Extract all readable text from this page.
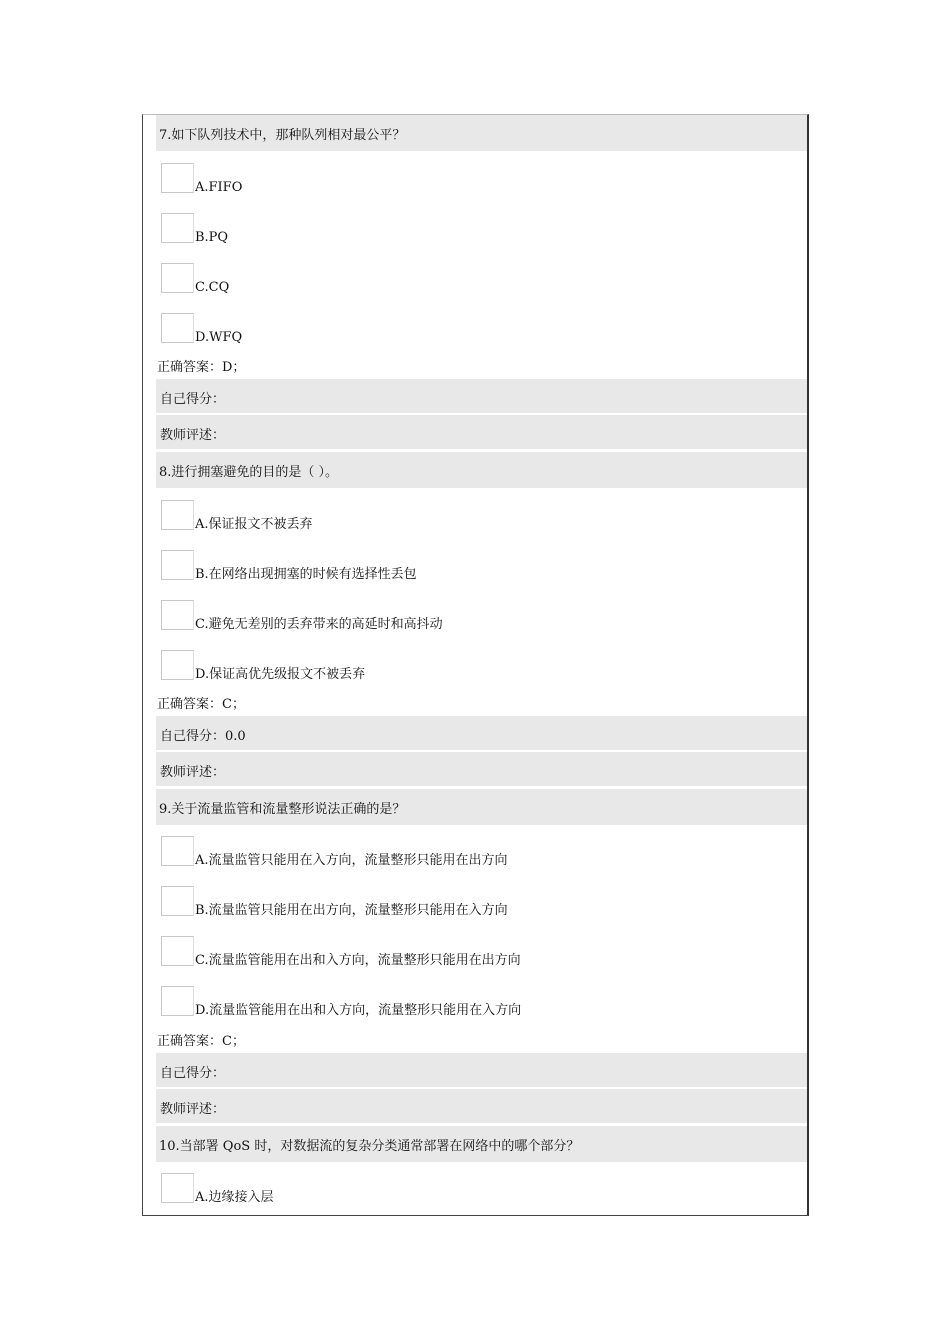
7.如下队列技术中，那种队列相对最公平？
A.FIFO
B.PQ
C.CQ
D.WFQ
正确答案：D；
自己得分：
教师评述：
8.进行拥塞避免的目的是（ ）。
A.保证报文不被丢弃
B.在网络出现拥塞的时候有选择性丢包
C.避免无差别的丢弃带来的高延时和高抖动
D.保证高优先级报文不被丢弃
正确答案：C；
自己得分：0.0
教师评述：
9.关于流量监管和流量整形说法正确的是？
A.流量监管只能用在入方向，流量整形只能用在出方向
B.流量监管只能用在出方向，流量整形只能用在入方向
C.流量监管能用在出和入方向，流量整形只能用在出方向
D.流量监管能用在出和入方向，流量整形只能用在入方向
正确答案：C；
自己得分：
教师评述：
10.当部署 QoS 时，对数据流的复杂分类通常部署在网络中的哪个部分？
A.边缘接入层
